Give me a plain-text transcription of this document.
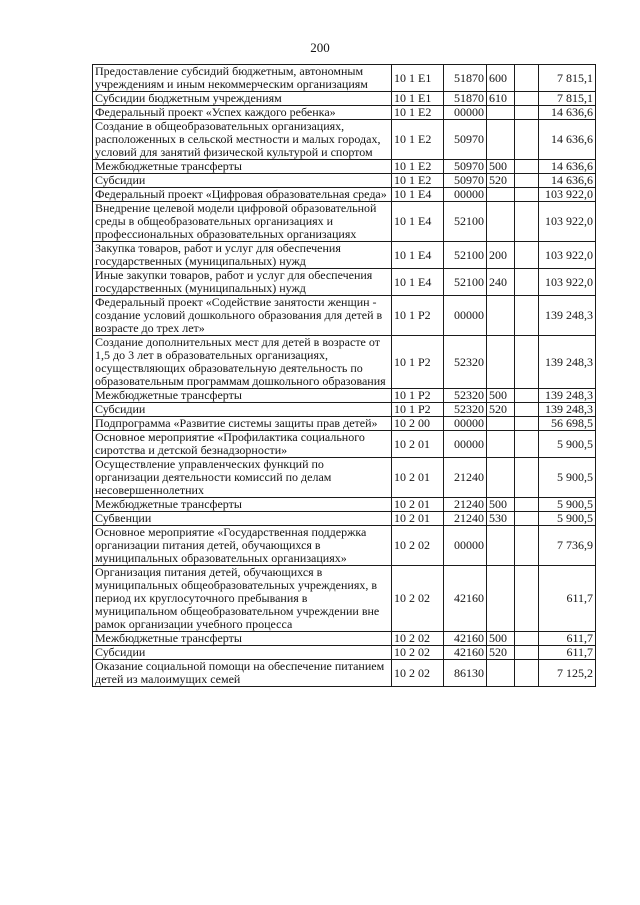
200
Предоставление субсидий бюджетным, автономным учреждениям и иным некоммерческим организациям	10 1 Е1	51870	600		7 815,1
Субсидии бюджетным учреждениям	10 1 Е1	51870	610		7 815,1
Федеральный проект «Успех каждого ребенка»	10 1 Е2	00000			14 636,6
Создание в общеобразовательных организациях, расположенных в сельской местности и малых городах, условий для занятий физической культурой и спортом	10 1 Е2	50970			14 636,6
Межбюджетные трансферты	10 1 Е2	50970	500		14 636,6
Субсидии	10 1 Е2	50970	520		14 636,6
Федеральный проект «Цифровая образовательная среда»	10 1 Е4	00000			103 922,0
Внедрение целевой модели цифровой образовательной среды в общеобразовательных организациях и профессиональных образовательных организациях	10 1 Е4	52100			103 922,0
Закупка товаров, работ и услуг для обеспечения государственных (муниципальных) нужд	10 1 Е4	52100	200		103 922,0
Иные закупки товаров, работ и услуг для обеспечения государственных (муниципальных) нужд	10 1 Е4	52100	240		103 922,0
Федеральный проект «Содействие занятости женщин - создание условий дошкольного образования для детей в возрасте до трех лет»	10 1 Р2	00000			139 248,3
Создание дополнительных мест для детей в возрасте от 1,5 до 3 лет в образовательных организациях, осуществляющих образовательную деятельность по образовательным программам дошкольного образования	10 1 Р2	52320			139 248,3
Межбюджетные трансферты	10 1 Р2	52320	500		139 248,3
Субсидии	10 1 Р2	52320	520		139 248,3
Подпрограмма «Развитие системы защиты прав детей»	10 2 00	00000			56 698,5
Основное мероприятие «Профилактика социального сиротства и детской безнадзорности»	10 2 01	00000			5 900,5
Осуществление управленческих функций по организации деятельности комиссий по делам несовершеннолетних	10 2 01	21240			5 900,5
Межбюджетные трансферты	10 2 01	21240	500		5 900,5
Субвенции	10 2 01	21240	530		5 900,5
Основное мероприятие «Государственная поддержка организации питания детей, обучающихся в муниципальных образовательных организациях»	10 2 02	00000			7 736,9
Организация питания детей, обучающихся в муниципальных общеобразовательных учреждениях, в период их круглосуточного пребывания в муниципальном общеобразовательном учреждении вне рамок организации учебного процесса	10 2 02	42160			611,7
Межбюджетные трансферты	10 2 02	42160	500		611,7
Субсидии	10 2 02	42160	520		611,7
Оказание социальной помощи на обеспечение питанием детей из малоимущих семей	10 2 02	86130			7 125,2
